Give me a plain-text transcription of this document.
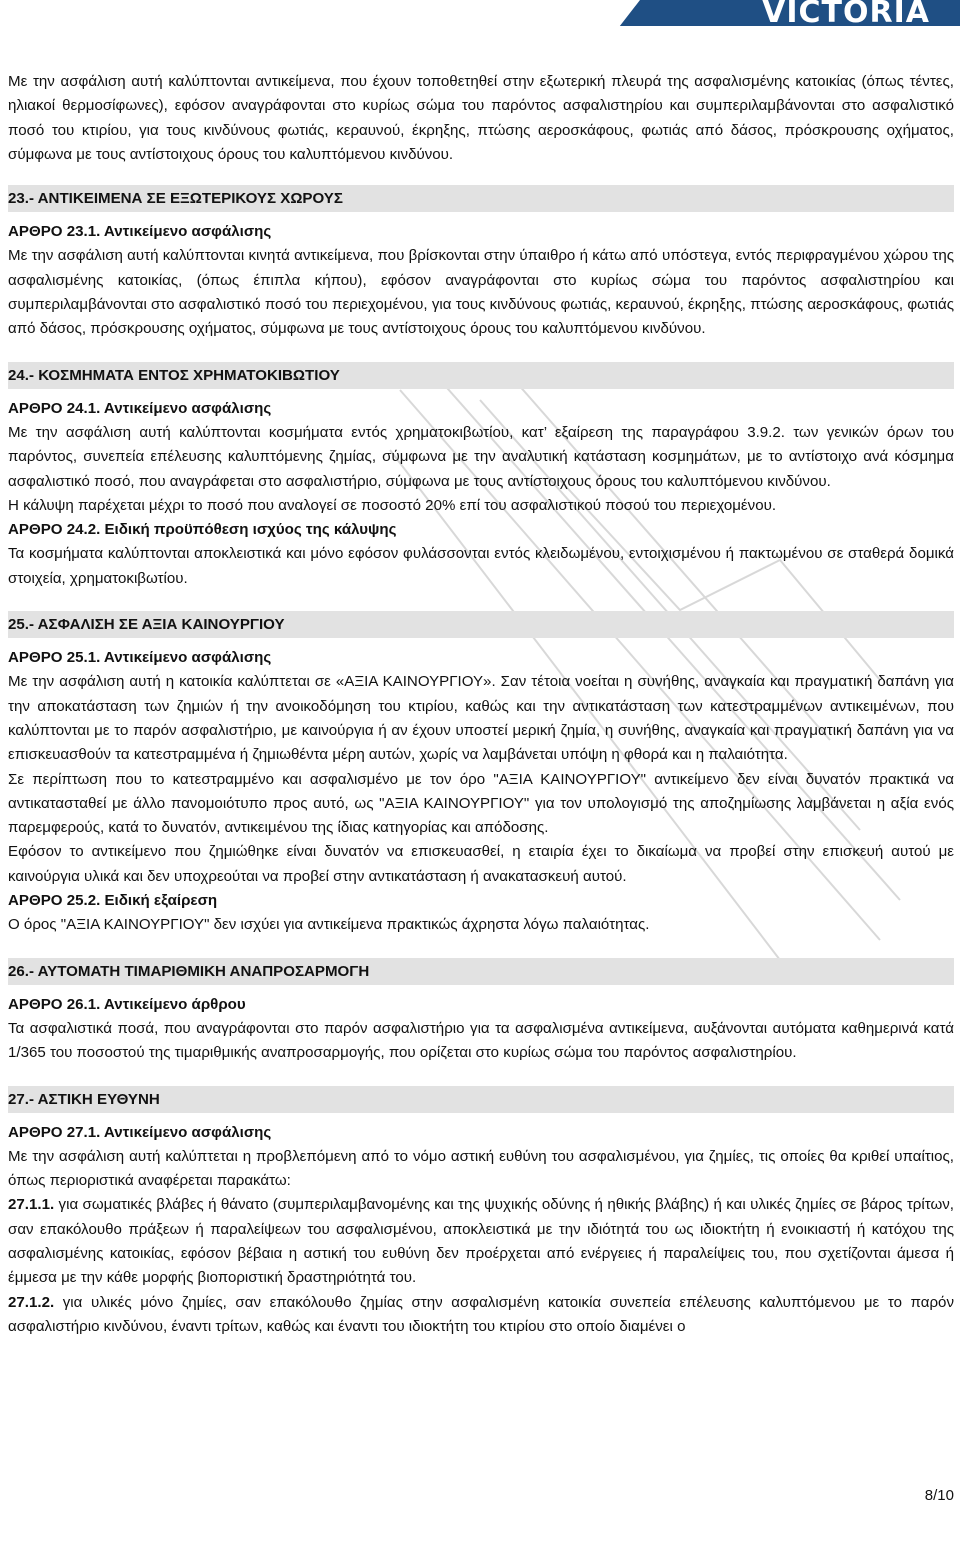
VICTORIA

Με την ασφάλιση αυτή καλύπτονται αντικείμενα, που έχουν τοποθετηθεί στην εξωτερική πλευρά της ασφαλισμένης κατοικίας (όπως τέντες, ηλιακοί θερμοσίφωνες), εφόσον αναγράφονται στο κυρίως σώμα του παρόντος ασφαλιστηρίου και συμπεριλαμβάνονται στο ασφαλιστικό ποσό του κτιρίου, για τους κινδύνους φωτιάς, κεραυνού, έκρηξης, πτώσης αεροσκάφους, φωτιάς από δάσος, πρόσκρουσης οχήματος, σύμφωνα με τους αντίστοιχους όρους του καλυπτόμενου κινδύνου.

23.- ΑΝΤΙΚΕΙΜΕΝΑ ΣΕ ΕΞΩΤΕΡΙΚΟΥΣ ΧΩΡΟΥΣ

ΑΡΘΡΟ 23.1. Αντικείμενο ασφάλισης

Με την ασφάλιση αυτή καλύπτονται κινητά αντικείμενα, που βρίσκονται στην ύπαιθρο ή κάτω από υπόστεγα, εντός περιφραγμένου χώρου της ασφαλισμένης κατοικίας, (όπως έπιπλα κήπου), εφόσον αναγράφονται στο κυρίως σώμα του παρόντος ασφαλιστηρίου και συμπεριλαμβάνονται στο ασφαλιστικό ποσό του περιεχομένου, για τους κινδύνους φωτιάς, κεραυνού, έκρηξης, πτώσης αεροσκάφους, φωτιάς από δάσος, πρόσκρουσης οχήματος, σύμφωνα με τους αντίστοιχους όρους του καλυπτόμενου κινδύνου.

24.- ΚΟΣΜΗΜΑΤΑ ΕΝΤΟΣ ΧΡΗΜΑΤΟΚΙΒΩΤΙΟΥ

ΑΡΘΡΟ 24.1. Αντικείμενο ασφάλισης

Με την ασφάλιση αυτή καλύπτονται κοσμήματα εντός χρηματοκιβωτίου, κατ’ εξαίρεση της παραγράφου 3.9.2. των γενικών όρων του παρόντος, συνεπεία επέλευσης καλυπτόμενης ζημίας, σύμφωνα με την αναλυτική κατάσταση κοσμημάτων, με το αντίστοιχο ανά κόσμημα ασφαλιστικό ποσό, που αναγράφεται στο ασφαλιστήριο, σύμφωνα με τους αντίστοιχους όρους του καλυπτόμενου κινδύνου.

Η κάλυψη παρέχεται μέχρι το ποσό που αναλογεί σε ποσοστό 20% επί του ασφαλιστικού ποσού του περιεχομένου.

ΑΡΘΡΟ 24.2. Ειδική προϋπόθεση ισχύος της κάλυψης

Τα κοσμήματα καλύπτονται αποκλειστικά και μόνο εφόσον φυλάσσονται εντός κλειδωμένου, εντοιχισμένου ή πακτωμένου σε σταθερά δομικά στοιχεία, χρηματοκιβωτίου.

25.- ΑΣΦΑΛΙΣΗ ΣΕ ΑΞΙΑ ΚΑΙΝΟΥΡΓΙΟΥ

ΑΡΘΡΟ 25.1. Αντικείμενο ασφάλισης

Με την ασφάλιση αυτή η κατοικία καλύπτεται σε «ΑΞΙΑ ΚΑΙΝΟΥΡΓΙΟΥ». Σαν τέτοια νοείται η συνήθης, αναγκαία και πραγματική δαπάνη για την αποκατάσταση των ζημιών ή την ανοικοδόμηση του κτιρίου, καθώς και την αντικατάσταση των κατεστραμμένων αντικειμένων, που καλύπτονται με το παρόν ασφαλιστήριο, με καινούργια ή αν έχουν υποστεί μερική ζημία, η συνήθης, αναγκαία και πραγματική δαπάνη για να επισκευασθούν τα κατεστραμμένα ή ζημιωθέντα μέρη αυτών, χωρίς να λαμβάνεται υπόψη η φθορά και η παλαιότητα.

Σε περίπτωση που το κατεστραμμένο και ασφαλισμένο με τον όρο "ΑΞΙΑ ΚΑΙΝΟΥΡΓΙΟΥ" αντικείμενο δεν είναι δυνατόν πρακτικά να αντικατασταθεί με άλλο πανομοιότυπο προς αυτό, ως "ΑΞΙΑ ΚΑΙΝΟΥΡΓΙΟΥ" για τον υπολογισμό της αποζημίωσης λαμβάνεται η αξία ενός παρεμφερούς, κατά το δυνατόν, αντικειμένου της ίδιας κατηγορίας και απόδοσης.

Εφόσον το αντικείμενο που ζημιώθηκε είναι δυνατόν να επισκευασθεί, η εταιρία έχει το δικαίωμα να προβεί στην επισκευή αυτού με καινούργια υλικά και δεν υποχρεούται να προβεί στην αντικατάσταση ή ανακατασκευή αυτού.

ΑΡΘΡΟ 25.2. Ειδική εξαίρεση

Ο όρος "ΑΞΙΑ ΚΑΙΝΟΥΡΓΙΟΥ" δεν ισχύει για αντικείμενα πρακτικώς άχρηστα λόγω παλαιότητας.

26.- ΑΥΤΟΜΑΤΗ ΤΙΜΑΡΙΘΜΙΚΗ ΑΝΑΠΡΟΣΑΡΜΟΓΗ

ΑΡΘΡΟ 26.1. Αντικείμενο άρθρου

Τα ασφαλιστικά ποσά, που αναγράφονται στο παρόν ασφαλιστήριο για τα ασφαλισμένα αντικείμενα, αυξάνονται αυτόματα καθημερινά κατά 1/365 του ποσοστού της τιμαριθμικής αναπροσαρμογής, που ορίζεται στο κυρίως σώμα του παρόντος ασφαλιστηρίου.

27.- ΑΣΤΙΚΗ ΕΥΘΥΝΗ

ΑΡΘΡΟ 27.1. Αντικείμενο ασφάλισης

Με την ασφάλιση αυτή καλύπτεται η προβλεπόμενη από το νόμο αστική ευθύνη του ασφαλισμένου, για ζημίες, τις οποίες θα κριθεί υπαίτιος, όπως περιοριστικά αναφέρεται παρακάτω:

27.1.1. για σωματικές βλάβες ή θάνατο (συμπεριλαμβανομένης και της ψυχικής οδύνης ή ηθικής βλάβης) ή και υλικές ζημίες σε βάρος τρίτων, σαν επακόλουθο πράξεων ή παραλείψεων του ασφαλισμένου, αποκλειστικά με την ιδιότητά του ως ιδιοκτήτη ή ενοικιαστή ή κατόχου της ασφαλισμένης κατοικίας, εφόσον βέβαια η αστική του ευθύνη δεν προέρχεται από ενέργειες ή παραλείψεις του, που σχετίζονται άμεσα ή έμμεσα με την κάθε μορφής βιοποριστική δραστηριότητά του.

27.1.2. για υλικές μόνο ζημίες, σαν επακόλουθο ζημίας στην ασφαλισμένη κατοικία συνεπεία επέλευσης καλυπτόμενου με το παρόν ασφαλιστήριο κινδύνου, έναντι τρίτων, καθώς και έναντι του ιδιοκτήτη του κτιρίου στο οποίο διαμένει ο

8/10
